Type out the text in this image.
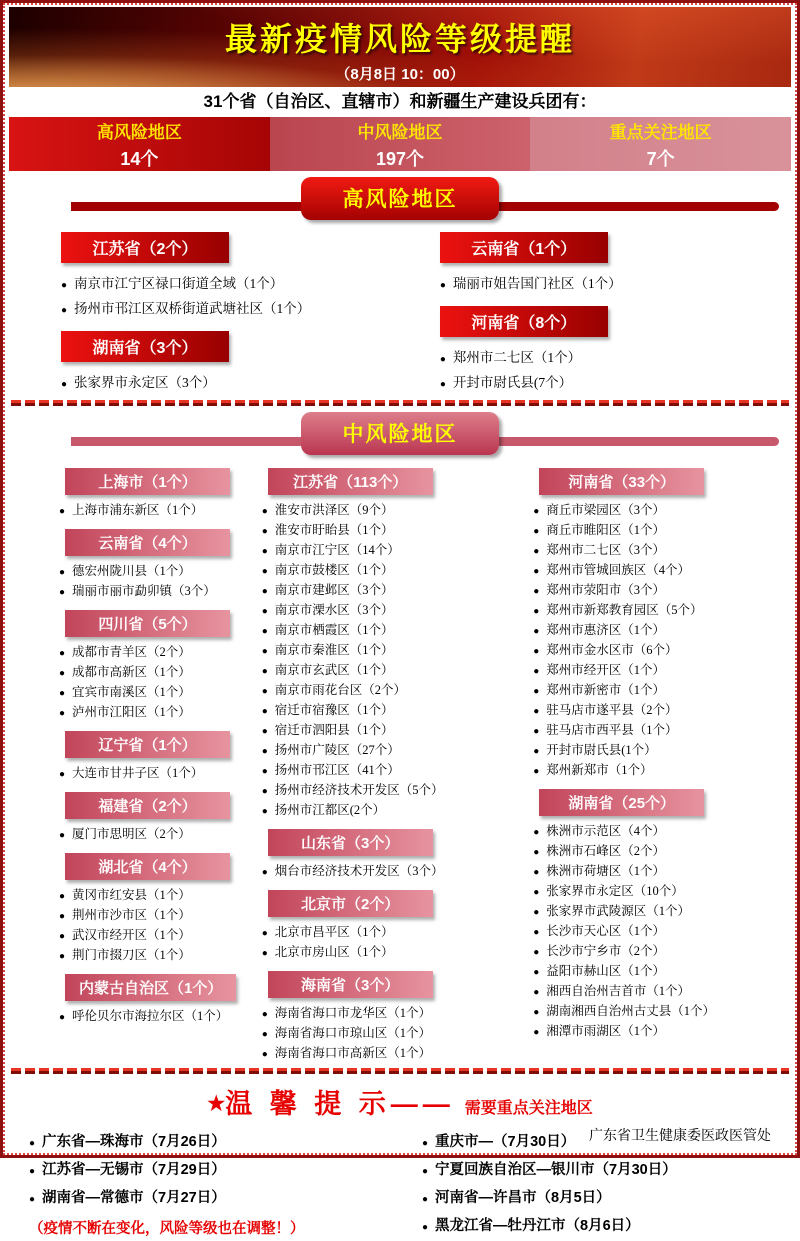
最新疫情风险等级提醒
（8月8日 10：00）
31个省（自治区、直辖市）和新疆生产建设兵团有：
高风险地区
14个
中风险地区
197个
重点关注地区
7个
高风险地区
江苏省（2个）
● 南京市江宁区禄口街道全域（1个）
● 扬州市邗江区双桥街道武塘社区（1个）
湖南省（3个）
● 张家界市永定区（3个）
云南省（1个）
● 瑞丽市姐告国门社区（1个）
河南省（8个）
● 郑州市二七区（1个）
● 开封市尉氏县(7个）
中风险地区
上海市（1个）
● 上海市浦东新区（1个）
云南省（4个）
● 德宏州陇川县（1个）
● 瑞丽市丽市勐卯镇（3个）
四川省（5个）
● 成都市青羊区（2个）
● 成都市高新区（1个）
● 宜宾市南溪区（1个）
● 泸州市江阳区（1个）
辽宁省（1个）
● 大连市甘井子区（1个）
福建省（2个）
● 厦门市思明区（2个）
湖北省（4个）
● 黄冈市红安县（1个）
● 荆州市沙市区（1个）
● 武汉市经开区（1个）
● 荆门市掇刀区（1个）
内蒙古自治区（1个）
● 呼伦贝尔市海拉尔区（1个）
江苏省（113个）
● 淮安市洪泽区（9个）
● 淮安市盱眙县（1个）
● 南京市江宁区（14个）
● 南京市鼓楼区（1个）
● 南京市建邺区（3个）
● 南京市溧水区（3个）
● 南京市栖霞区（1个）
● 南京市秦淮区（1个）
● 南京市玄武区（1个）
● 南京市雨花台区（2个）
● 宿迁市宿豫区（1个）
● 宿迁市泗阳县（1个）
● 扬州市广陵区（27个）
● 扬州市邗江区（41个）
● 扬州市经济技术开发区（5个）
● 扬州市江都区(2个）
山东省（3个）
● 烟台市经济技术开发区（3个）
北京市（2个）
● 北京市昌平区（1个）
● 北京市房山区（1个）
海南省（3个）
● 海南省海口市龙华区（1个）
● 海南省海口市琼山区（1个）
● 海南省海口市高新区（1个）
河南省（33个）
● 商丘市梁园区（3个）
● 商丘市睢阳区（1个）
● 郑州市二七区（3个）
● 郑州市管城回族区（4个）
● 郑州市荥阳市（3个）
● 郑州市新郑教育园区（5个）
● 郑州市惠济区（1个）
● 郑州市金水区市（6个）
● 郑州市经开区（1个）
● 郑州市新密市（1个）
● 驻马店市遂平县（2个）
● 驻马店市西平县（1个）
● 开封市尉氏县(1个）
● 郑州新郑市（1个）
湖南省（25个）
● 株洲市示范区（4个）
● 株洲市石峰区（2个）
● 株洲市荷塘区（1个）
● 张家界市永定区（10个）
● 张家界市武陵源区（1个）
● 长沙市天心区（1个）
● 长沙市宁乡市（2个）
● 益阳市赫山区（1个）
● 湘西自治州吉首市（1个）
● 湖南湘西自治州古丈县（1个）
● 湘潭市雨湖区（1个）
★温 馨 提 示—— 需要重点关注地区
● 广东省—珠海市（7月26日）
● 江苏省—无锡市（7月29日）
● 湖南省—常德市（7月27日）
（疫情不断在变化，风险等级也在调整！）
● 重庆市—（7月30日）
● 宁夏回族自治区—银川市（7月30日）
● 河南省—许昌市（8月5日）
● 黑龙江省—牡丹江市（8月6日）
广东省卫生健康委医政医管处
